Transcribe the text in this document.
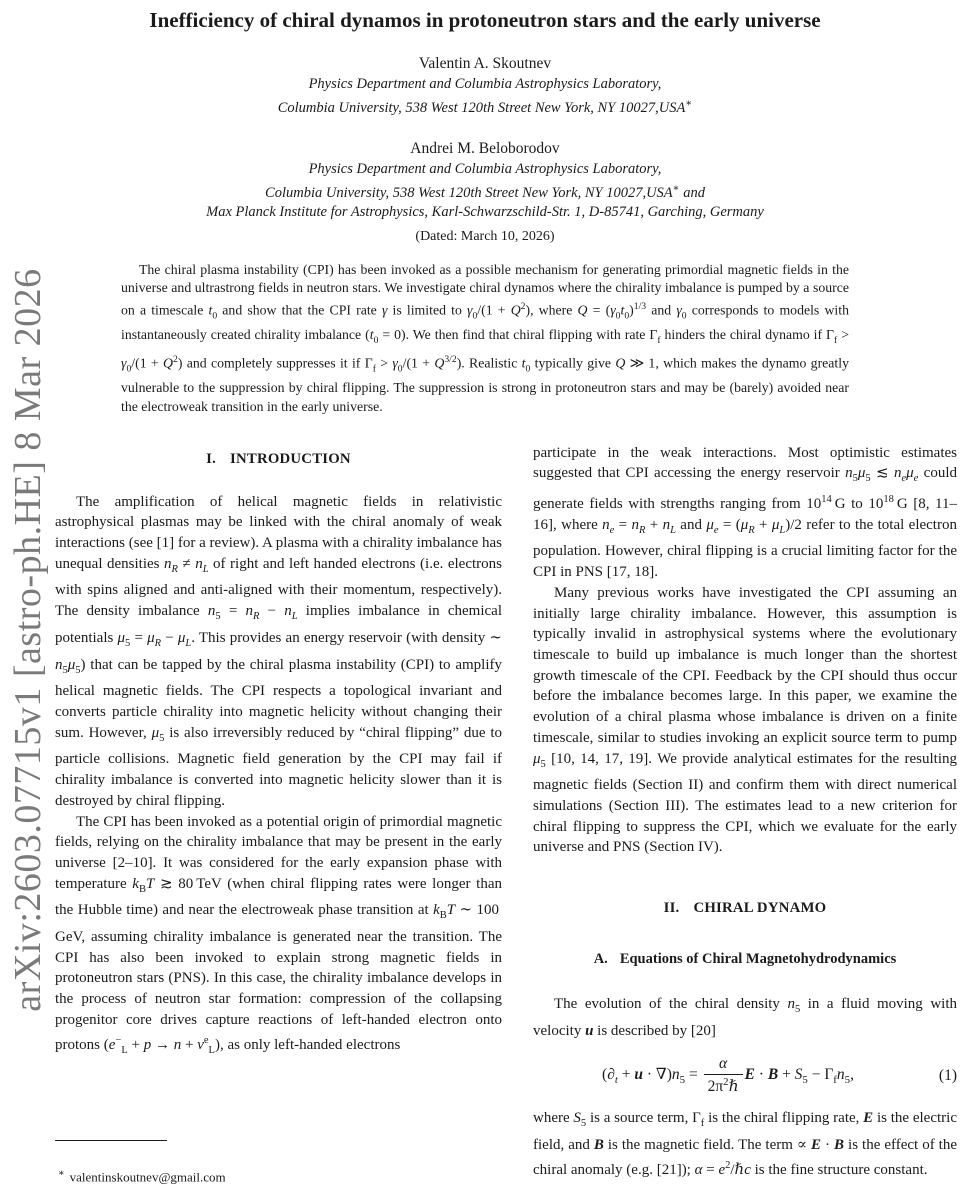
arXiv:2603.07715v1 [astro-ph.HE] 8 Mar 2026
Inefficiency of chiral dynamos in protoneutron stars and the early universe
Valentin A. Skoutnev
Physics Department and Columbia Astrophysics Laboratory,
Columbia University, 538 West 120th Street New York, NY 10027,USA∗
Andrei M. Beloborodov
Physics Department and Columbia Astrophysics Laboratory,
Columbia University, 538 West 120th Street New York, NY 10027,USA∗ and
Max Planck Institute for Astrophysics, Karl-Schwarzschild-Str. 1, D-85741, Garching, Germany
(Dated: March 10, 2026)
The chiral plasma instability (CPI) has been invoked as a possible mechanism for generating primordial magnetic fields in the universe and ultrastrong fields in neutron stars. We investigate chiral dynamos where the chirality imbalance is pumped by a source on a timescale $t_0$ and show that the CPI rate γ is limited to $\gamma_0/(1 + Q^2)$, where $Q = (\gamma_0t_0)^{1/3}$ and $\gamma_0$ corresponds to models with instantaneously created chirality imbalance $(t_0 = 0)$. We then find that chiral flipping with rate $\Gamma_f$ hinders the chiral dynamo if $\Gamma_f > \gamma_0/(1 + Q^2)$ and completely suppresses it if $\Gamma_f > \gamma_0/(1 + Q^{3/2})$. Realistic $t_0$ typically give Q ≫ 1, which makes the dynamo greatly vulnerable to the suppression by chiral flipping. The suppression is strong in protoneutron stars and may be (barely) avoided near the electroweak transition in the early universe.
I. INTRODUCTION

The amplification of helical magnetic fields in relativistic astrophysical plasmas may be linked with the chiral anomaly of weak interactions (see [1] for a review). A plasma with a chirality imbalance has unequal densities $n_R \ne n_L$ of right and left handed electrons (i.e. electrons with spins aligned and anti-aligned with their momentum, respectively). The density imbalance $n_5 = n_R - n_L$ implies imbalance in chemical potentials $\mu_5 = \mu_R - \mu_L$. This provides an energy reservoir (with density ∼ $n_5\mu_5$) that can be tapped by the chiral plasma instability (CPI) to amplify helical magnetic fields. The CPI respects a topological invariant and converts particle chirality into magnetic helicity without changing their sum. However, $\mu_5$ is also irreversibly reduced by “chiral flipping” due to particle collisions. Magnetic field generation by the CPI may fail if chirality imbalance is converted into magnetic helicity slower than it is destroyed by chiral flipping.

The CPI has been invoked as a potential origin of primordial magnetic fields, relying on the chirality imbalance that may be present in the early universe [2–10]. It was considered for the early expansion phase with temperature $k_BT$ ≳ 80 TeV (when chiral flipping rates were longer than the Hubble time) and near the electroweak phase transition at $k_BT$ ∼ 100 GeV, assuming chirality imbalance is generated near the transition. The CPI has also been invoked to explain strong magnetic fields in protoneutron stars (PNS). In this case, the chirality imbalance develops in the process of neutron star formation: compression of the collapsing progenitor core drives capture reactions of left-handed electron onto protons $(e^-_L + p \to n + \nu^e_L)$, as only left-handed electrons

participate in the weak interactions. Most optimistic estimates suggested that CPI accessing the energy reservoir $n_5\mu_5$ ≲ $n_e\mu_e$ could generate fields with strengths ranging from $10^{14}$ G to $10^{18}$ G [8, 11–16], where $n_e = n_R + n_L$ and $\mu_e = (\mu_R + \mu_L)/2$ refer to the total electron population. However, chiral flipping is a crucial limiting factor for the CPI in PNS [17, 18].

Many previous works have investigated the CPI assuming an initially large chirality imbalance. However, this assumption is typically invalid in astrophysical systems where the evolutionary timescale to build up imbalance is much longer than the shortest growth timescale of the CPI. Feedback by the CPI should thus occur before the imbalance becomes large. In this paper, we examine the evolution of a chiral plasma whose imbalance is driven on a finite timescale, similar to studies invoking an explicit source term to pump $\mu_5$ [10, 14, 17, 19]. We provide analytical estimates for the resulting magnetic fields (Section II) and confirm them with direct numerical simulations (Section III). The estimates lead to a new criterion for chiral flipping to suppress the CPI, which we evaluate for the early universe and PNS (Section IV).

II. CHIRAL DYNAMO
A. Equations of Chiral Magnetohydrodynamics

The evolution of the chiral density $n_5$ in a fluid moving with velocity u is described by [20]

$(\partial_t + u \cdot \nabla)n_5 = \frac{\alpha}{2\pi^2\hbar}$ $E \cdot B + S_5 - \Gamma_fn_5$,	(1)

where $S_5$ is a source term, $\Gamma_f$ is the chiral flipping rate, E is the electric field, and B is the magnetic field. The term ∝ E · B is the effect of the chiral anomaly (e.g. [21]); $\alpha = e^2/\hbar c$ is the fine structure constant.

∗ valentinskoutnev@gmail.com
